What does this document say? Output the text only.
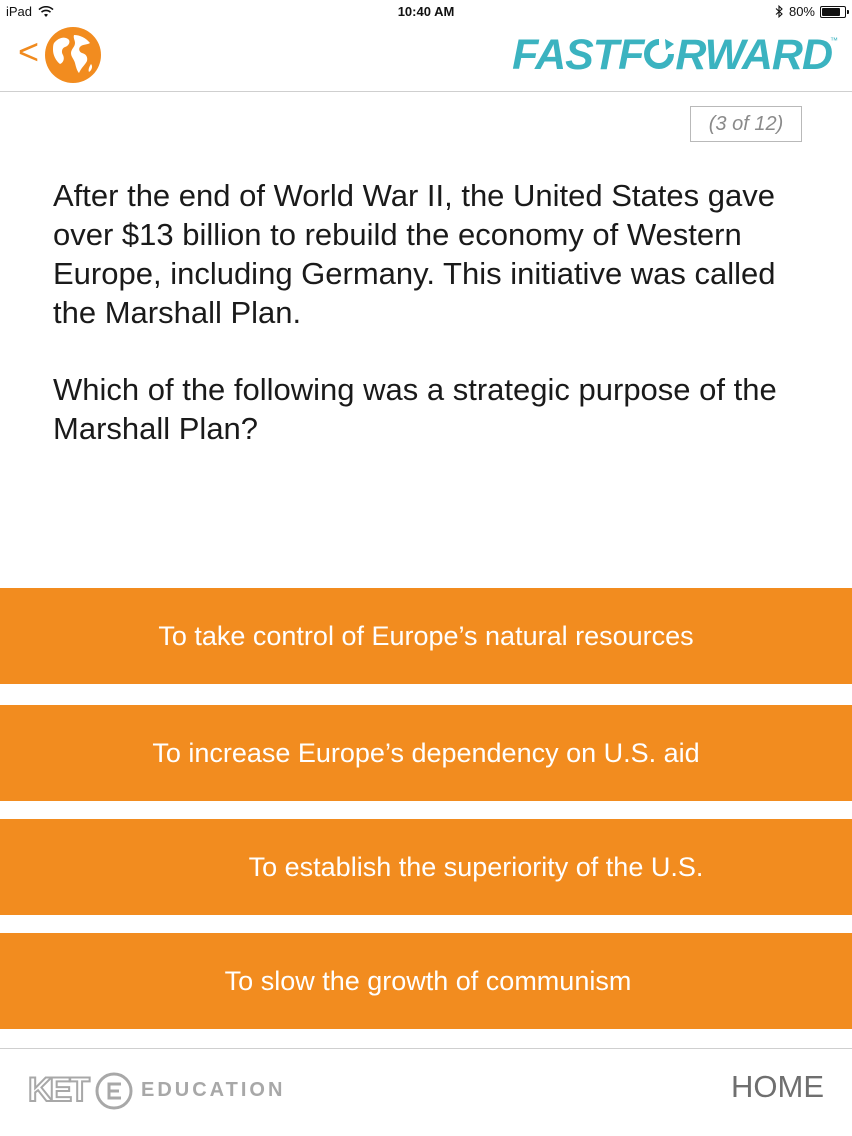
iPad	10:40 AM	80%
<	FASTF RWARD
™
(3 of 12)

After the end of World War II, the United States gave over $13 billion to rebuild the economy of Western Europe, including Germany. This initiative was called the Marshall Plan.

Which of the following was a strategic purpose of the Marshall Plan?

To take control of Europe’s natural resources
To increase Europe’s dependency on U.S. aid
To establish the superiority of the U.S.
To slow the growth of communism
KET	EDUCATION	HOME
